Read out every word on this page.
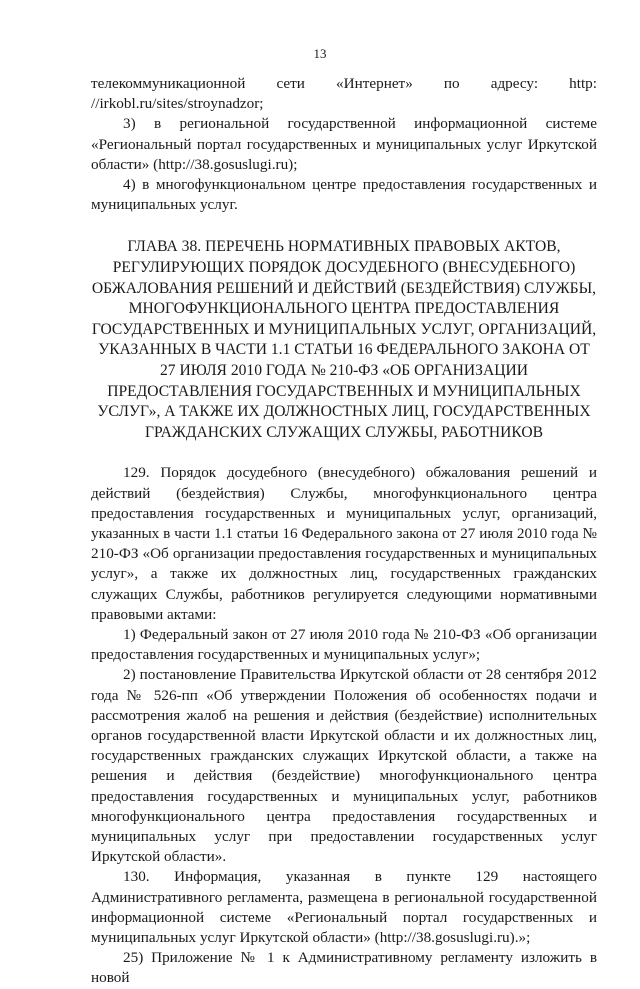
13

телекоммуникационной сети «Интернет» по адресу: http: //irkobl.ru/sites/stroynadzor;

3) в региональной государственной информационной системе «Региональный портал государственных и муниципальных услуг Иркутской области» (http://38.gosuslugi.ru);

4) в многофункциональном центре предоставления государственных и муниципальных услуг.

ГЛАВА 38. ПЕРЕЧЕНЬ НОРМАТИВНЫХ ПРАВОВЫХ АКТОВ, РЕГУЛИРУЮЩИХ ПОРЯДОК ДОСУДЕБНОГО (ВНЕСУДЕБНОГО) ОБЖАЛОВАНИЯ РЕШЕНИЙ И ДЕЙСТВИЙ (БЕЗДЕЙСТВИЯ) СЛУЖБЫ, МНОГОФУНКЦИОНАЛЬНОГО ЦЕНТРА ПРЕДОСТАВЛЕНИЯ ГОСУДАРСТВЕННЫХ И МУНИЦИПАЛЬНЫХ УСЛУГ, ОРГАНИЗАЦИЙ, УКАЗАННЫХ В ЧАСТИ 1.1 СТАТЬИ 16 ФЕДЕРАЛЬНОГО ЗАКОНА ОТ 27 ИЮЛЯ 2010 ГОДА № 210-ФЗ «ОБ ОРГАНИЗАЦИИ ПРЕДОСТАВЛЕНИЯ ГОСУДАРСТВЕННЫХ И МУНИЦИПАЛЬНЫХ УСЛУГ», А ТАКЖЕ ИХ ДОЛЖНОСТНЫХ ЛИЦ, ГОСУДАРСТВЕННЫХ ГРАЖДАНСКИХ СЛУЖАЩИХ СЛУЖБЫ, РАБОТНИКОВ

129. Порядок досудебного (внесудебного) обжалования решений и действий (бездействия) Службы, многофункционального центра предоставления государственных и муниципальных услуг, организаций, указанных в части 1.1 статьи 16 Федерального закона от 27 июля 2010 года № 210-ФЗ «Об организации предоставления государственных и муниципальных услуг», а также их должностных лиц, государственных гражданских служащих Службы, работников регулируется следующими нормативными правовыми актами:

1) Федеральный закон от 27 июля 2010 года № 210-ФЗ «Об организации предоставления государственных и муниципальных услуг»;

2) постановление Правительства Иркутской области от 28 сентября 2012 года № 526-пп «Об утверждении Положения об особенностях подачи и рассмотрения жалоб на решения и действия (бездействие) исполнительных органов государственной власти Иркутской области и их должностных лиц, государственных гражданских служащих Иркутской области, а также на решения и действия (бездействие) многофункционального центра предоставления государственных и муниципальных услуг, работников многофункционального центра предоставления государственных и муниципальных услуг при предоставлении государственных услуг Иркутской области».

130. Информация, указанная в пункте 129 настоящего Административного регламента, размещена в региональной государственной информационной системе «Региональный портал государственных и муниципальных услуг Иркутской области» (http://38.gosuslugi.ru).»;

25) Приложение № 1 к Административному регламенту изложить в новой
